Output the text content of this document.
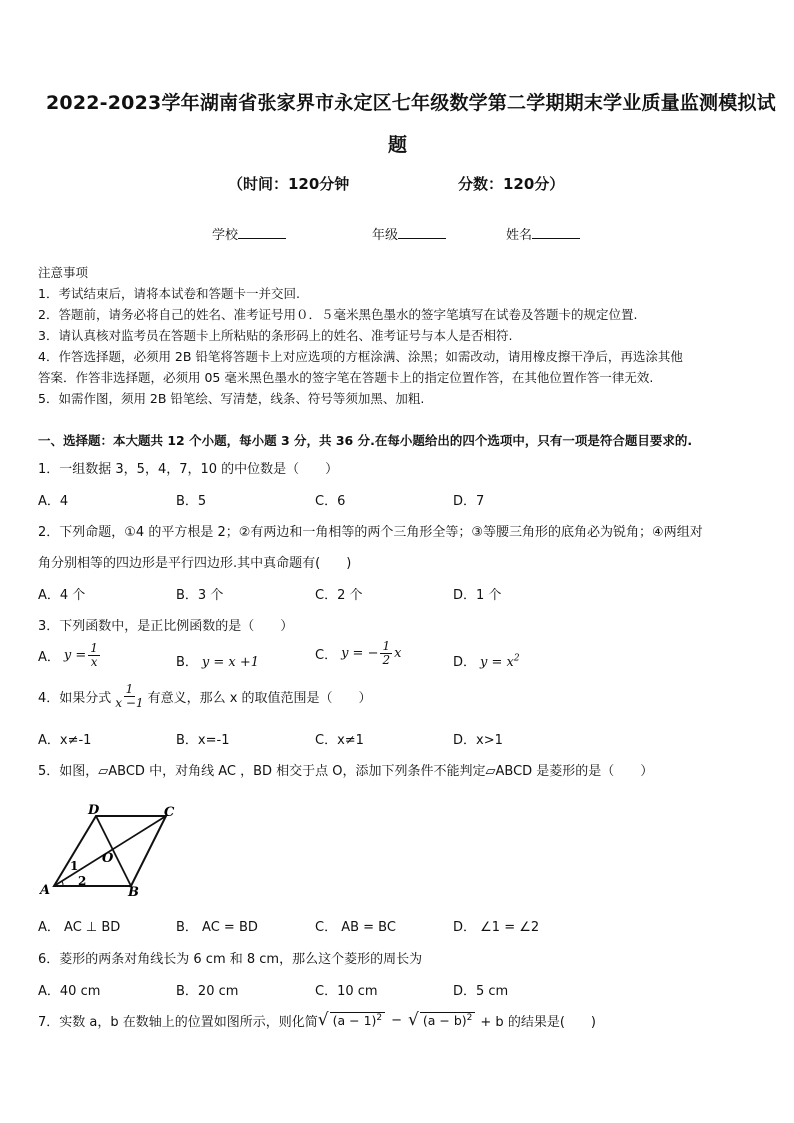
2022-2023学年湖南省张家界市永定区七年级数学第二学期期末学业质量监测模拟试
题
（时间：120分钟	分数：120分）
学校	年级	姓名
注意事项
1．考试结束后，请将本试卷和答题卡一并交回.
2．答题前，请务必将自己的姓名、准考证号用０．５毫米黑色墨水的签字笔填写在试卷及答题卡的规定位置.
3．请认真核对监考员在答题卡上所粘贴的条形码上的姓名、准考证号与本人是否相符.
4．作答选择题，必须用 2B 铅笔将答题卡上对应选项的方框涂满、涂黑；如需改动，请用橡皮擦干净后，再选涂其他
答案．作答非选择题，必须用 05 毫米黑色墨水的签字笔在答题卡上的指定位置作答，在其他位置作答一律无效.
5．如需作图，须用 2B 铅笔绘、写清楚，线条、符号等须加黑、加粗.
一、选择题：本大题共 12 个小题，每小题 3 分，共 36 分.在每小题给出的四个选项中，只有一项是符合题目要求的.
1．一组数据 3，5，4，7，10 的中位数是（　　）
A．4	B．5	C．6	D．7
2．下列命题，①4 的平方根是 2；②有两边和一角相等的两个三角形全等；③等腰三角形的底角必为锐角；④两组对
角分别相等的四边形是平行四边形.其中真命题有(　　)
A．4 个	B．3 个	C．2 个	D．1 个
3．下列函数中，是正比例函数的是（　　）
A． $y = \frac{1}{x}$	B． y = x +1	C． y = − $\frac{1}{2}$ x
D． $y = x^2$
4．如果分式 $\frac{1}{x -1}$ 有意义，那么 x 的取值范围是（　　）
A．x≠-1	B．x=-1	C．x≠1	D．x>1
5．如图，▱ABCD 中，对角线 AC ，BD 相交于点 O，添加下列条件不能判定▱ABCD 是菱形的是（　　）
A	B
C
D
O
1
2
A． AC ⊥ BD	B． AC = BD	C． AB = BC	D． ∠1 = ∠2
6．菱形的两条对角线长为 6 cm 和 8 cm，那么这个菱形的周长为
A．40 cm	B．20 cm	C．10 cm	D．5 cm
7．实数 a，b 在数轴上的位置如图所示，则化简 √ $(a - 1)^2$ − √ $(a - b)^2 + b$ 的结果是(　　)
